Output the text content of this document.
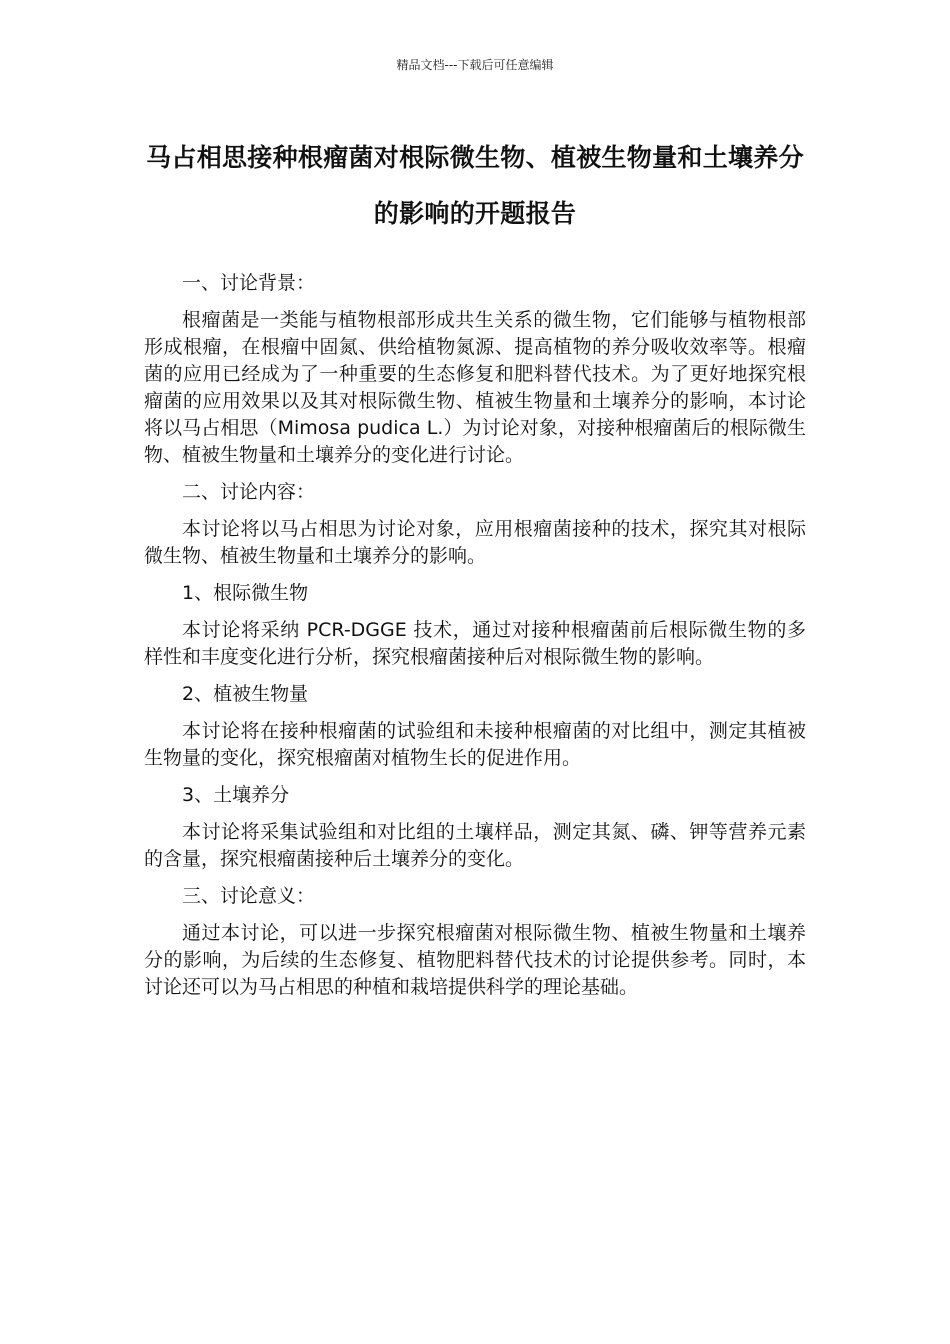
精品文档---下载后可任意编辑
马占相思接种根瘤菌对根际微生物、植被生物量和土壤养分的影响的开题报告

一、讨论背景：

根瘤菌是一类能与植物根部形成共生关系的微生物，它们能够与植物根部形成根瘤，在根瘤中固氮、供给植物氮源、提高植物的养分吸收效率等。根瘤菌的应用已经成为了一种重要的生态修复和肥料替代技术。为了更好地探究根瘤菌的应用效果以及其对根际微生物、植被生物量和土壤养分的影响，本讨论将以马占相思（Mimosa pudica L.）为讨论对象，对接种根瘤菌后的根际微生物、植被生物量和土壤养分的变化进行讨论。

二、讨论内容：

本讨论将以马占相思为讨论对象，应用根瘤菌接种的技术，探究其对根际微生物、植被生物量和土壤养分的影响。

1、根际微生物

本讨论将采纳 PCR-DGGE 技术，通过对接种根瘤菌前后根际微生物的多样性和丰度变化进行分析，探究根瘤菌接种后对根际微生物的影响。

2、植被生物量

本讨论将在接种根瘤菌的试验组和未接种根瘤菌的对比组中，测定其植被生物量的变化，探究根瘤菌对植物生长的促进作用。

3、土壤养分

本讨论将采集试验组和对比组的土壤样品，测定其氮、磷、钾等营养元素的含量，探究根瘤菌接种后土壤养分的变化。

三、讨论意义：

通过本讨论，可以进一步探究根瘤菌对根际微生物、植被生物量和土壤养分的影响，为后续的生态修复、植物肥料替代技术的讨论提供参考。同时，本讨论还可以为马占相思的种植和栽培提供科学的理论基础。
